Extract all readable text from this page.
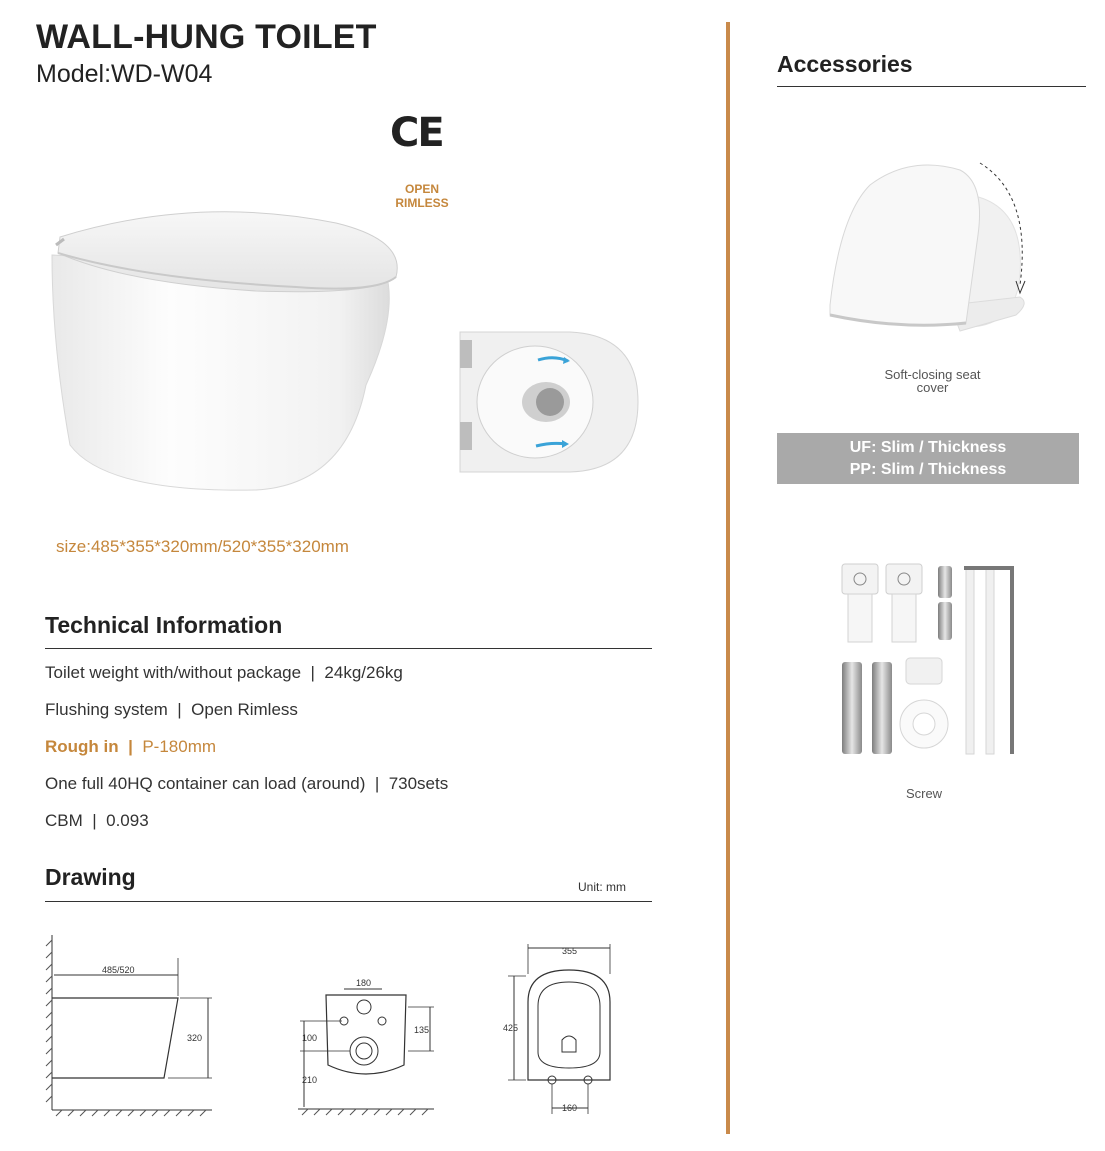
WALL-HUNG TOILET
Model:WD-W04
CE
OPEN
RIMLESS
size:485*355*320mm/520*355*320mm
Technical Information
Toilet weight with/without package | 24kg/26kg
Flushing system | Open Rimless
Rough in | P-180mm
One full 40HQ container can load (around) | 730sets
CBM | 0.093
Drawing	Unit: mm
485/520
320
180
135
100
210
355
425
160
Accessories
Soft-closing seat
cover
UF: Slim / Thickness
PP: Slim / Thickness
Screw
